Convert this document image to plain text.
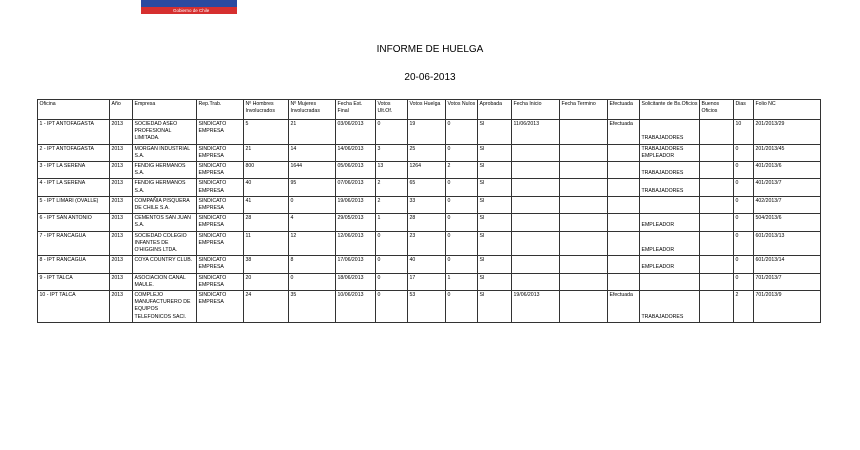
Gobierno de Chile
INFORME DE HUELGA
20-06-2013
Oficina	Año	Empresa	Rep.Trab.	Nº Hombres Involucrados	Nº Mujeres Involucradas	Fecha Est. Final	Votos Ult.Of.	Votos Huelga	Votos Nulos	Aprobada	Fecha Inicio	Fecha Termino	Efectuada	Solicitante de Bs.Oficios	Buenos Oficios	Dias	Folio NC
1 - IPT ANTOFAGASTA	2013	SOCIEDAD ASEO PROFESIONAL LIMITADA.	SINDICATO EMPRESA	5	21	03/06/2013	0	19	0	SI	11/06/2013		Efectuada	TRABAJADORES		10	201/2013/29
2 - IPT ANTOFAGASTA	2013	MORGAN INDUSTRIAL S.A.	SINDICATO EMPRESA	21	14	14/06/2013	3	25	0	SI				TRABAJADORES EMPLEADOR		0	201/2013/45
3 - IPT LA SERENA	2013	FENDIG HERMANOS S.A.	SINDICATO EMPRESA	800	1644	05/06/2013	13	1264	2	SI				TRABAJADORES		0	401/2013/6
4 - IPT LA SERENA	2013	FENDIG HERMANOS S.A.	SINDICATO EMPRESA	40	95	07/06/2013	2	65	0	SI				TRABAJADORES		0	401/2013/7
5 - IPT LIMARI (OVALLE)	2013	COMPAÑIA PISQUERA DE CHILE S.A.	SINDICATO EMPRESA	41	0	19/06/2013	2	33	0	SI						0	402/2013/7
6 - IPT SAN ANTONIO	2013	CEMENTOS SAN JUAN S.A.	SINDICATO EMPRESA	28	4	29/05/2013	1	28	0	SI				EMPLEADOR		0	504/2013/6
7 - IPT RANCAGUA	2013	SOCIEDAD COLEGIO INFANTES DE O'HIGGINS LTDA.	SINDICATO EMPRESA	11	12	12/06/2013	0	23	0	SI				EMPLEADOR		0	601/2013/13
8 - IPT RANCAGUA	2013	COYA COUNTRY CLUB.	SINDICATO EMPRESA	38	8	17/06/2013	0	40	0	SI				EMPLEADOR		0	601/2013/14
9 - IPT TALCA	2013	ASOCIACION CANAL MAULE.	SINDICATO EMPRESA	20	0	18/06/2013	0	17	1	SI						0	701/2013/7
10 - IPT TALCA	2013	COMPLEJO MANUFACTURERO DE EQUIPOS TELEFONICOS SACI.	SINDICATO EMPRESA	24	35	10/06/2013	0	53	0	SI	19/06/2013		Efectuada	TRABAJADORES		2	701/2013/9
